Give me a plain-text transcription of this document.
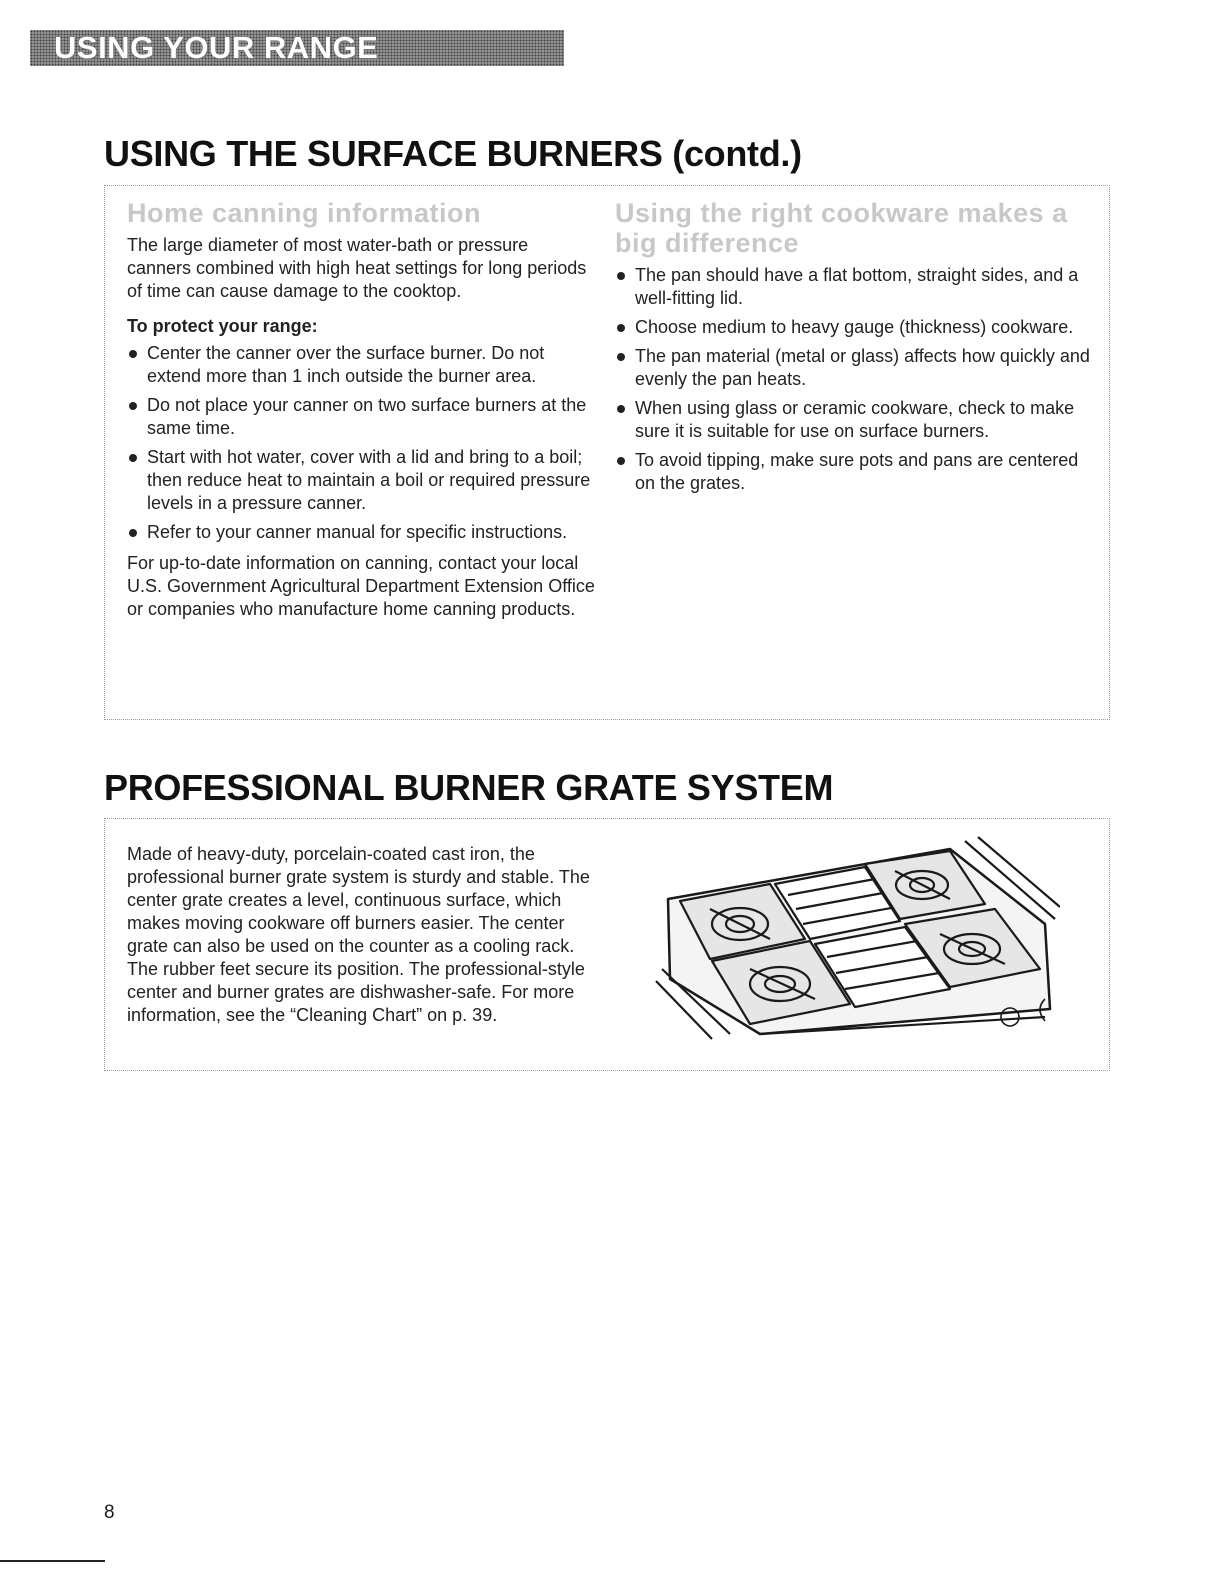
USING YOUR RANGE
USING THE SURFACE BURNERS (contd.)
Home canning information

The large diameter of most water-bath or pressure canners combined with high heat settings for long periods of time can cause damage to the cooktop.

To protect your range:
Center the canner over the surface burner. Do not extend more than 1 inch outside the burner area.
Do not place your canner on two surface burners at the same time.
Start with hot water, cover with a lid and bring to a boil; then reduce heat to maintain a boil or required pressure levels in a pressure canner.
Refer to your canner manual for specific instructions.

For up-to-date information on canning, contact your local U.S. Government Agricultural Department Extension Office or companies who manufacture home canning products.

Using the right cookware makes a big difference
The pan should have a flat bottom, straight sides, and a well-fitting lid.
Choose medium to heavy gauge (thickness) cookware.
The pan material (metal or glass) affects how quickly and evenly the pan heats.
When using glass or ceramic cookware, check to make sure it is suitable for use on surface burners.
To avoid tipping, make sure pots and pans are centered on the grates.
PROFESSIONAL BURNER GRATE SYSTEM
Made of heavy-duty, porcelain-coated cast iron, the professional burner grate system is sturdy and stable. The center grate creates a level, continuous surface, which makes moving cookware off burners easier. The center grate can also be used on the counter as a cooling rack. The rubber feet secure its position. The professional-style center and burner grates are dishwasher-safe. For more information, see the “Cleaning Chart” on p. 39.
8
